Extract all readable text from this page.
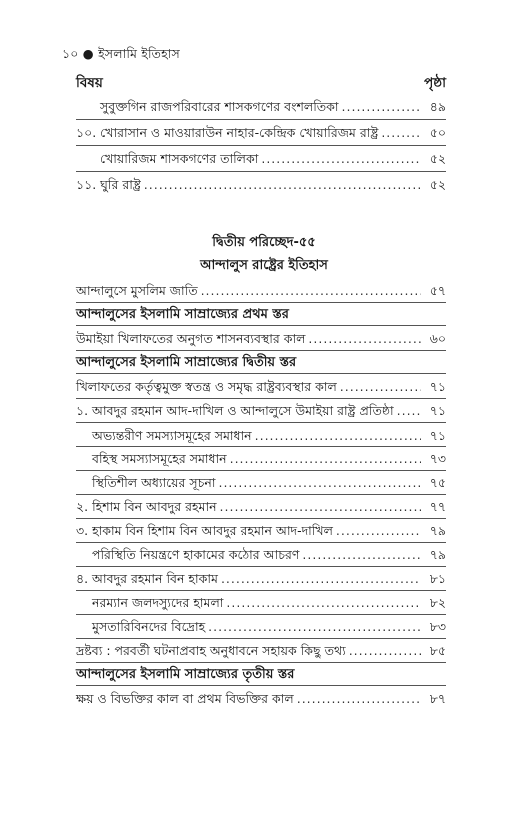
১০ ● ইসলামি ইতিহাস
বিষয়	পৃষ্ঠা
সুবুক্তগিন রাজপরিবারের শাসকগণের বংশলতিকা .....	৪৯
১০. খোরাসান ও মাওয়ারাউন নাহার-কেন্দ্রিক খোয়ারিজম রাষ্ট্র .....	৫০
খোয়ারিজম শাসকগণের তালিকা .....	৫২
১১. ঘুরি রাষ্ট্র .....	৫২
দ্বিতীয় পরিচ্ছেদ-৫৫
আন্দালুস রাষ্ট্রের ইতিহাস
আন্দালুসে মুসলিম জাতি .....	৫৭
আন্দালুসের ইসলামি সাম্রাজ্যের প্রথম স্তর
উমাইয়া খিলাফতের অনুগত শাসনব্যবস্থার কাল .....	৬০
আন্দালুসের ইসলামি সাম্রাজ্যের দ্বিতীয় স্তর
খিলাফতের কর্তৃত্বমুক্ত স্বতন্ত্র ও সমৃদ্ধ রাষ্ট্রব্যবস্থার কাল .....	৭১
১. আবদুর রহমান আদ-দাখিল ও আন্দালুসে উমাইয়া রাষ্ট্র প্রতিষ্ঠা .....	৭১
অভ্যন্তরীণ সমস্যাসমূহের সমাধান .....	৭১
বহিস্থ সমস্যাসমূহের সমাধান .....	৭৩
স্থিতিশীল অধ্যায়ের সূচনা .....	৭৫
২. হিশাম বিন আবদুর রহমান .....	৭৭
৩. হাকাম বিন হিশাম বিন আবদুর রহমান আদ-দাখিল .....	৭৯
পরিস্থিতি নিয়ন্ত্রণে হাকামের কঠোর আচরণ .....	৭৯
৪. আবদুর রহমান বিন হাকাম .....	৮১
নরম্যান জলদস্যুদের হামলা .....	৮২
মুসতারিবিনদের বিদ্রোহ .....	৮৩
দ্রষ্টব্য : পরবর্তী ঘটনাপ্রবাহ অনুধাবনে সহায়ক কিছু তথ্য .....	৮৫
আন্দালুসের ইসলামি সাম্রাজ্যের তৃতীয় স্তর
ক্ষয় ও বিভক্তির কাল বা প্রথম বিভক্তির কাল .....	৮৭
